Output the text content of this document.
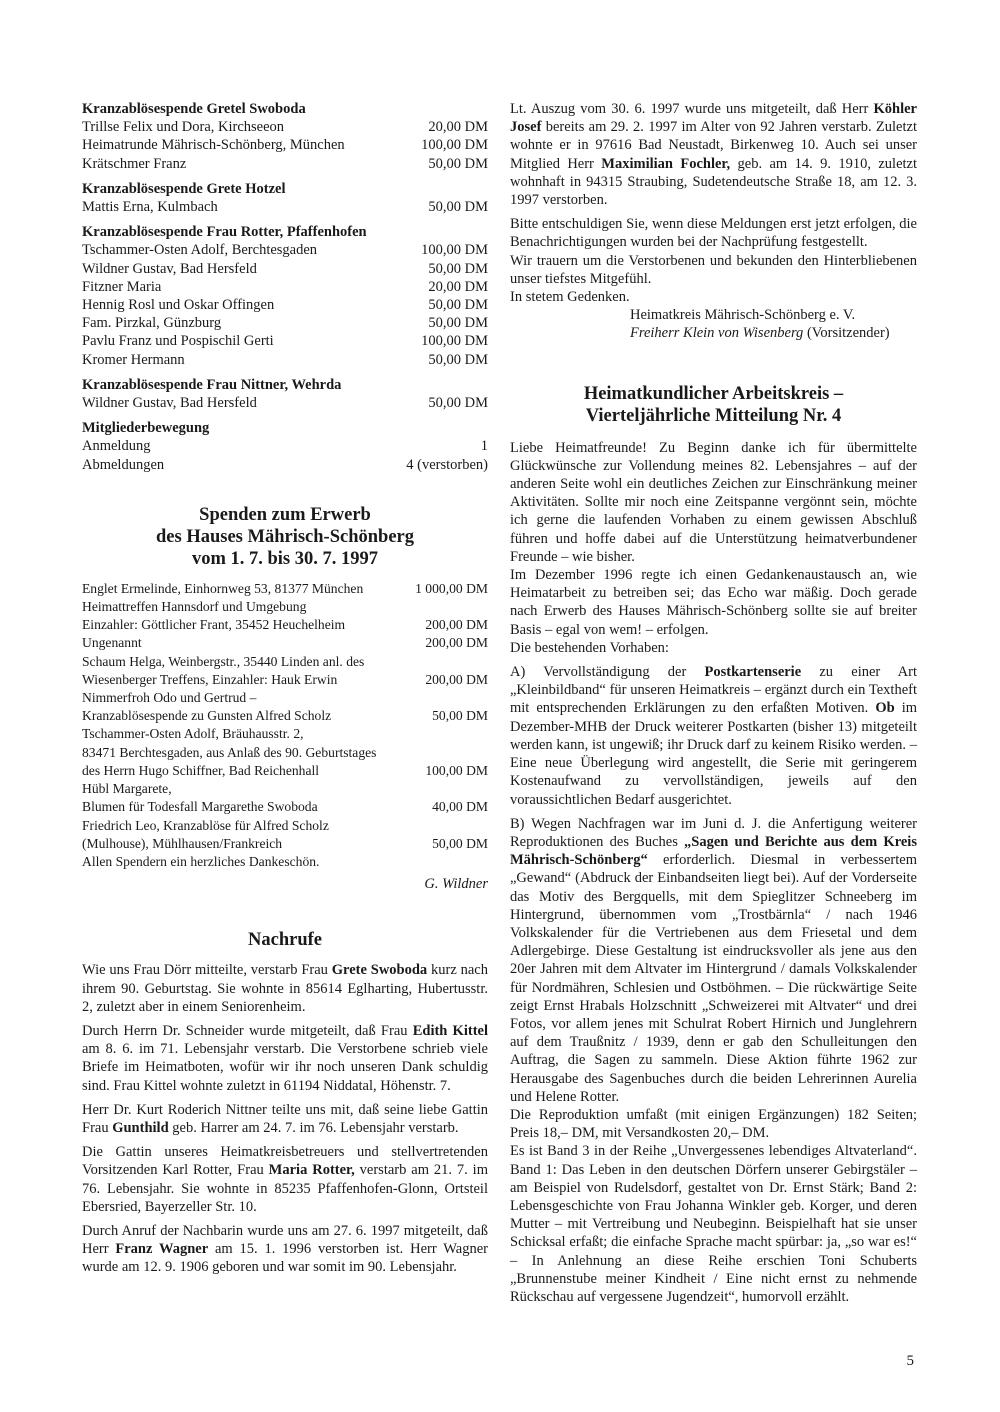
Kranzablösespende Gretel Swoboda
Trillse Felix und Dora, Kirchseeon	20,00 DM
Heimatrunde Mährisch-Schönberg, München	100,00 DM
Krätschmer Franz	50,00 DM
Kranzablösespende Grete Hotzel
Mattis Erna, Kulmbach	50,00 DM
Kranzablösespende Frau Rotter, Pfaffenhofen
Tschammer-Osten Adolf, Berchtesgaden	100,00 DM
Wildner Gustav, Bad Hersfeld	50,00 DM
Fitzner Maria	20,00 DM
Hennig Rosl und Oskar Offingen	50,00 DM
Fam. Pirzkal, Günzburg	50,00 DM
Pavlu Franz und Pospischil Gerti	100,00 DM
Kromer Hermann	50,00 DM
Kranzablösespende Frau Nittner, Wehrda
Wildner Gustav, Bad Hersfeld	50,00 DM
Mitgliederbewegung
Anmeldung	1
Abmeldungen	4 (verstorben)
Spenden zum Erwerb
des Hauses Mährisch-Schönberg
vom 1. 7. bis 30. 7. 1997
Englet Ermelinde, Einhornweg 53, 81377 München	1 000,00 DM
Heimattreffen Hannsdorf und Umgebung
Einzahler: Göttlicher Frant, 35452 Heuchelheim	200,00 DM
Ungenannt	200,00 DM
Schaum Helga, Weinbergstr., 35440 Linden anl. des
Wiesenberger Treffens, Einzahler: Hauk Erwin	200,00 DM
Nimmerfroh Odo und Gertrud –
Kranzablösespende zu Gunsten Alfred Scholz	50,00 DM
Tschammer-Osten Adolf, Bräuhausstr. 2,
83471 Berchtesgaden, aus Anlaß des 90. Geburtstages
des Herrn Hugo Schiffner, Bad Reichenhall	100,00 DM
Hübl Margarete,
Blumen für Todesfall Margarethe Swoboda	40,00 DM
Friedrich Leo, Kranzablöse für Alfred Scholz
(Mulhouse), Mühlhausen/Frankreich	50,00 DM
Allen Spendern ein herzliches Dankeschön.
G. Wildner
Nachrufe

Wie uns Frau Dörr mitteilte, verstarb Frau Grete Swoboda kurz nach ihrem 90. Geburtstag. Sie wohnte in 85614 Eglharting, Hubertusstr. 2, zuletzt aber in einem Seniorenheim.

Durch Herrn Dr. Schneider wurde mitgeteilt, daß Frau Edith Kittel am 8. 6. im 71. Lebensjahr verstarb. Die Verstorbene schrieb viele Briefe im Heimatboten, wofür wir ihr noch unseren Dank schuldig sind. Frau Kittel wohnte zuletzt in 61194 Niddatal, Höhenstr. 7.

Herr Dr. Kurt Roderich Nittner teilte uns mit, daß seine liebe Gattin Frau Gunthild geb. Harrer am 24. 7. im 76. Lebensjahr verstarb.

Die Gattin unseres Heimatkreisbetreuers und stellvertretenden Vorsitzenden Karl Rotter, Frau Maria Rotter, verstarb am 21. 7. im 76. Lebensjahr. Sie wohnte in 85235 Pfaffenhofen-Glonn, Ortsteil Ebersried, Bayerzeller Str. 10.

Durch Anruf der Nachbarin wurde uns am 27. 6. 1997 mitgeteilt, daß Herr Franz Wagner am 15. 1. 1996 verstorben ist. Herr Wagner wurde am 12. 9. 1906 geboren und war somit im 90. Lebensjahr.

Lt. Auszug vom 30. 6. 1997 wurde uns mitgeteilt, daß Herr Köhler Josef bereits am 29. 2. 1997 im Alter von 92 Jahren verstarb. Zuletzt wohnte er in 97616 Bad Neustadt, Birkenweg 10. Auch sei unser Mitglied Herr Maximilian Fochler, geb. am 14. 9. 1910, zuletzt wohnhaft in 94315 Straubing, Sudetendeutsche Straße 18, am 12. 3. 1997 verstorben.

Bitte entschuldigen Sie, wenn diese Meldungen erst jetzt erfolgen, die Benachrichtigungen wurden bei der Nachprüfung festgestellt.

Wir trauern um die Verstorbenen und bekunden den Hinterbliebenen unser tiefstes Mitgefühl.

In stetem Gedenken.

Heimatkreis Mährisch-Schönberg e. V.

Freiherr Klein von Wisenberg (Vorsitzender)

Heimatkundlicher Arbeitskreis –
Vierteljährliche Mitteilung Nr. 4

Liebe Heimatfreunde! Zu Beginn danke ich für übermittelte Glückwünsche zur Vollendung meines 82. Lebensjahres – auf der anderen Seite wohl ein deutliches Zeichen zur Einschränkung meiner Aktivitäten. Sollte mir noch eine Zeitspanne vergönnt sein, möchte ich gerne die laufenden Vorhaben zu einem gewissen Abschluß führen und hoffe dabei auf die Unterstützung heimatverbundener Freunde – wie bisher.

Im Dezember 1996 regte ich einen Gedankenaustausch an, wie Heimatarbeit zu betreiben sei; das Echo war mäßig. Doch gerade nach Erwerb des Hauses Mährisch-Schönberg sollte sie auf breiter Basis – egal von wem! – erfolgen.

Die bestehenden Vorhaben:

A) Vervollständigung der Postkartenserie zu einer Art „Kleinbildband“ für unseren Heimatkreis – ergänzt durch ein Textheft mit entsprechenden Erklärungen zu den erfaßten Motiven. Ob im Dezember-MHB der Druck weiterer Postkarten (bisher 13) mitgeteilt werden kann, ist ungewiß; ihr Druck darf zu keinem Risiko werden. – Eine neue Überlegung wird angestellt, die Serie mit geringerem Kostenaufwand zu vervollständigen, jeweils auf den voraussichtlichen Bedarf ausgerichtet.

B) Wegen Nachfragen war im Juni d. J. die Anfertigung weiterer Reproduktionen des Buches „Sagen und Berichte aus dem Kreis Mährisch-Schönberg“ erforderlich. Diesmal in verbessertem „Gewand“ (Abdruck der Einbandseiten liegt bei). Auf der Vorderseite das Motiv des Bergquells, mit dem Spieglitzer Schneeberg im Hintergrund, übernommen vom „Trostbärnla“ / nach 1946 Volkskalender für die Vertriebenen aus dem Friesetal und dem Adlergebirge. Diese Gestaltung ist eindrucksvoller als jene aus den 20er Jahren mit dem Altvater im Hintergrund / damals Volkskalender für Nordmähren, Schlesien und Ostböhmen. – Die rückwärtige Seite zeigt Ernst Hrabals Holzschnitt „Schweizerei mit Altvater“ und drei Fotos, vor allem jenes mit Schulrat Robert Hirnich und Junglehrern auf dem Traußnitz / 1939, denn er gab den Schulleitungen den Auftrag, die Sagen zu sammeln. Diese Aktion führte 1962 zur Herausgabe des Sagenbuches durch die beiden Lehrerinnen Aurelia und Helene Rotter.

Die Reproduktion umfaßt (mit einigen Ergänzungen) 182 Seiten; Preis 18,– DM, mit Versandkosten 20,– DM.

Es ist Band 3 in der Reihe „Unvergessenes lebendiges Altvaterland“. Band 1: Das Leben in den deutschen Dörfern unserer Gebirgstäler – am Beispiel von Rudelsdorf, gestaltet von Dr. Ernst Stärk; Band 2: Lebensgeschichte von Frau Johanna Winkler geb. Korger, und deren Mutter – mit Vertreibung und Neubeginn. Beispielhaft hat sie unser Schicksal erfaßt; die einfache Sprache macht spürbar: ja, „so war es!“ – In Anlehnung an diese Reihe erschien Toni Schuberts „Brunnenstube meiner Kindheit / Eine nicht ernst zu nehmende Rückschau auf vergessene Jugendzeit“, humorvoll erzählt.

5
